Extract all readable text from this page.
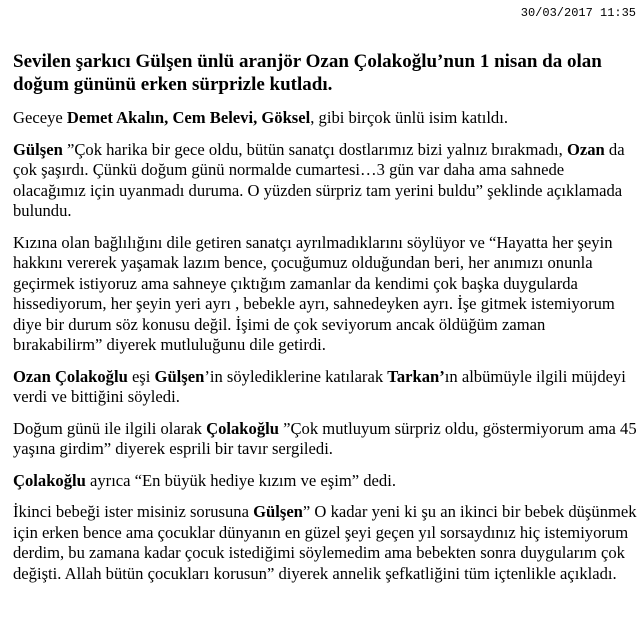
30/03/2017 11:35
Sevilen şarkıcı Gülşen ünlü aranjör Ozan Çolakoğlu’nun 1 nisan da olan doğum gününü erken sürprizle kutladı.

Geceye Demet Akalın, Cem Belevi, Göksel, gibi birçok ünlü isim katıldı.

Gülşen ”Çok harika bir gece oldu, bütün sanatçı dostlarımız bizi yalnız bırakmadı, Ozan da çok şaşırdı. Çünkü doğum günü normalde cumartesi…3 gün var daha ama sahnede olacağımız için uyanmadı duruma. O yüzden sürpriz tam yerini buldu” şeklinde açıklamada bulundu.

Kızına olan bağlılığını dile getiren sanatçı ayrılmadıklarını söylüyor ve “Hayatta her şeyin hakkını vererek yaşamak lazım bence, çocuğumuz olduğundan beri, her anımızı onunla geçirmek istiyoruz ama sahneye çıktığım zamanlar da kendimi çok başka duygularda hissediyorum, her şeyin yeri ayrı , bebekle ayrı, sahnedeyken ayrı. İşe gitmek istemiyorum diye bir durum söz konusu değil. İşimi de çok seviyorum ancak öldüğüm zaman bırakabilirm” diyerek mutluluğunu dile getirdi.

Ozan Çolakoğlu eşi Gülşen’in söylediklerine katılarak Tarkan’ın albümüyle ilgili müjdeyi verdi ve bittiğini söyledi.

Doğum günü ile ilgili olarak Çolakoğlu ”Çok mutluyum sürpriz oldu, göstermiyorum ama 45 yaşına girdim” diyerek esprili bir tavır sergiledi.

Çolakoğlu ayrıca “En büyük hediye kızım ve eşim” dedi.

İkinci bebeği ister misiniz sorusuna Gülşen” O kadar yeni ki şu an ikinci bir bebek düşünmek için erken bence ama çocuklar dünyanın en güzel şeyi geçen yıl sorsaydınız hiç istemiyorum derdim, bu zamana kadar çocuk istediğimi söylemedim ama bebekten sonra duygularım çok değişti. Allah bütün çocukları korusun” diyerek annelik şefkatliğini tüm içtenlikle açıkladı.
